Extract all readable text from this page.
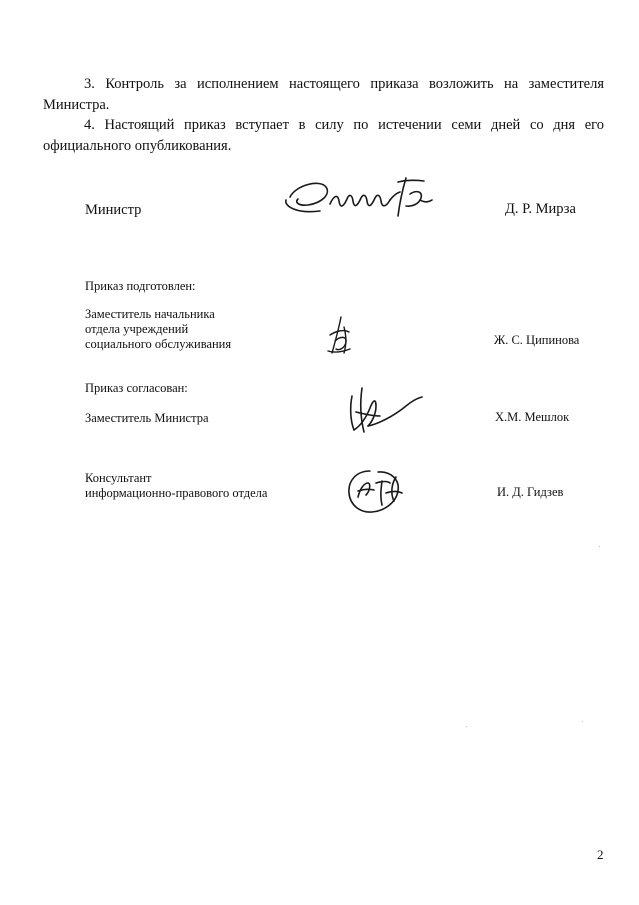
3. Контроль за исполнением настоящего приказа возложить на заместителя
Министра.
4. Настоящий приказ вступает в силу по истечении семи дней со дня его
официального опубликования.
Министр	Д. Р. Мирза
Приказ подготовлен:
Заместитель начальника
отдела учреждений
социального обслуживания	Ж. С. Ципинова
Приказ согласован:
Заместитель Министра	Х.М. Мешлок
Консультант
информационно-правового отдела	И. Д. Гидзев
2
